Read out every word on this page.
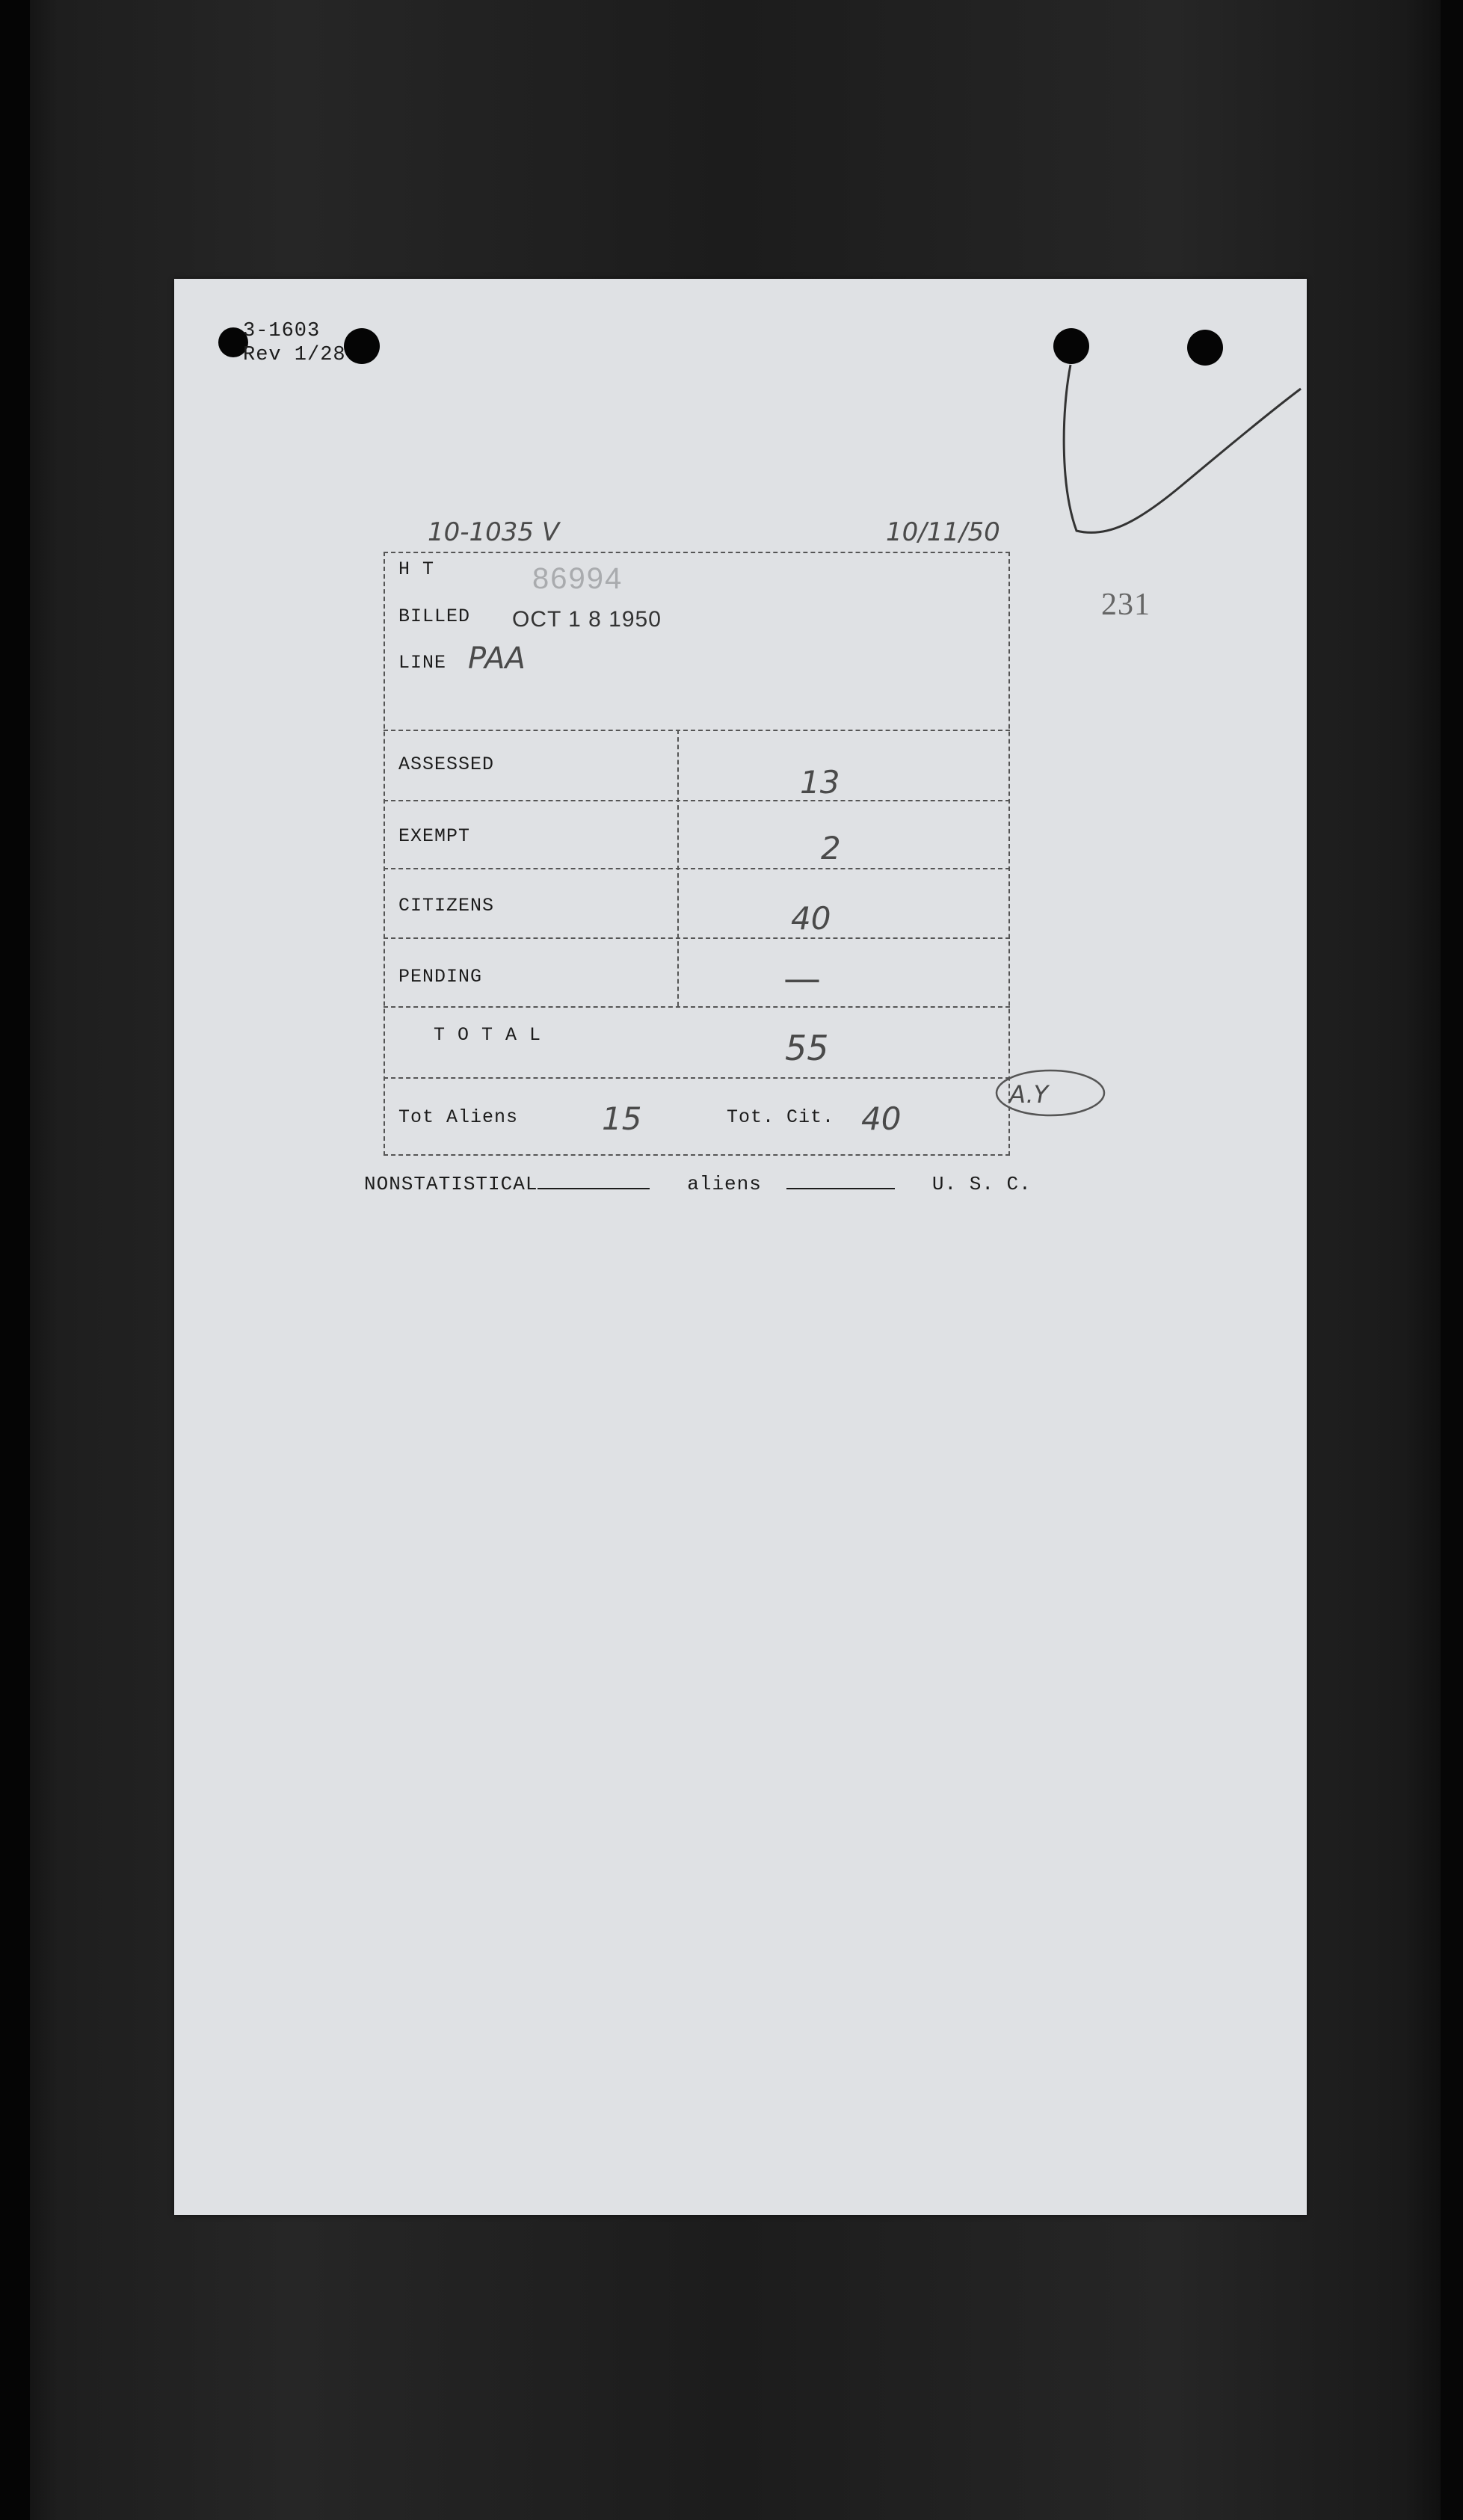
3-1603
Rev 1/28
231
10-1035 V	10/11/50
H T	86994
BILLED OCT 1 8 1950
LINE PAA
ASSESSED	13
EXEMPT	2
CITIZENS	40
PENDING	—
T O T A L	55
Tot Aliens	15	Tot. Cit. 40
A.Y
NONSTATISTICAL	aliens	U. S. C.
